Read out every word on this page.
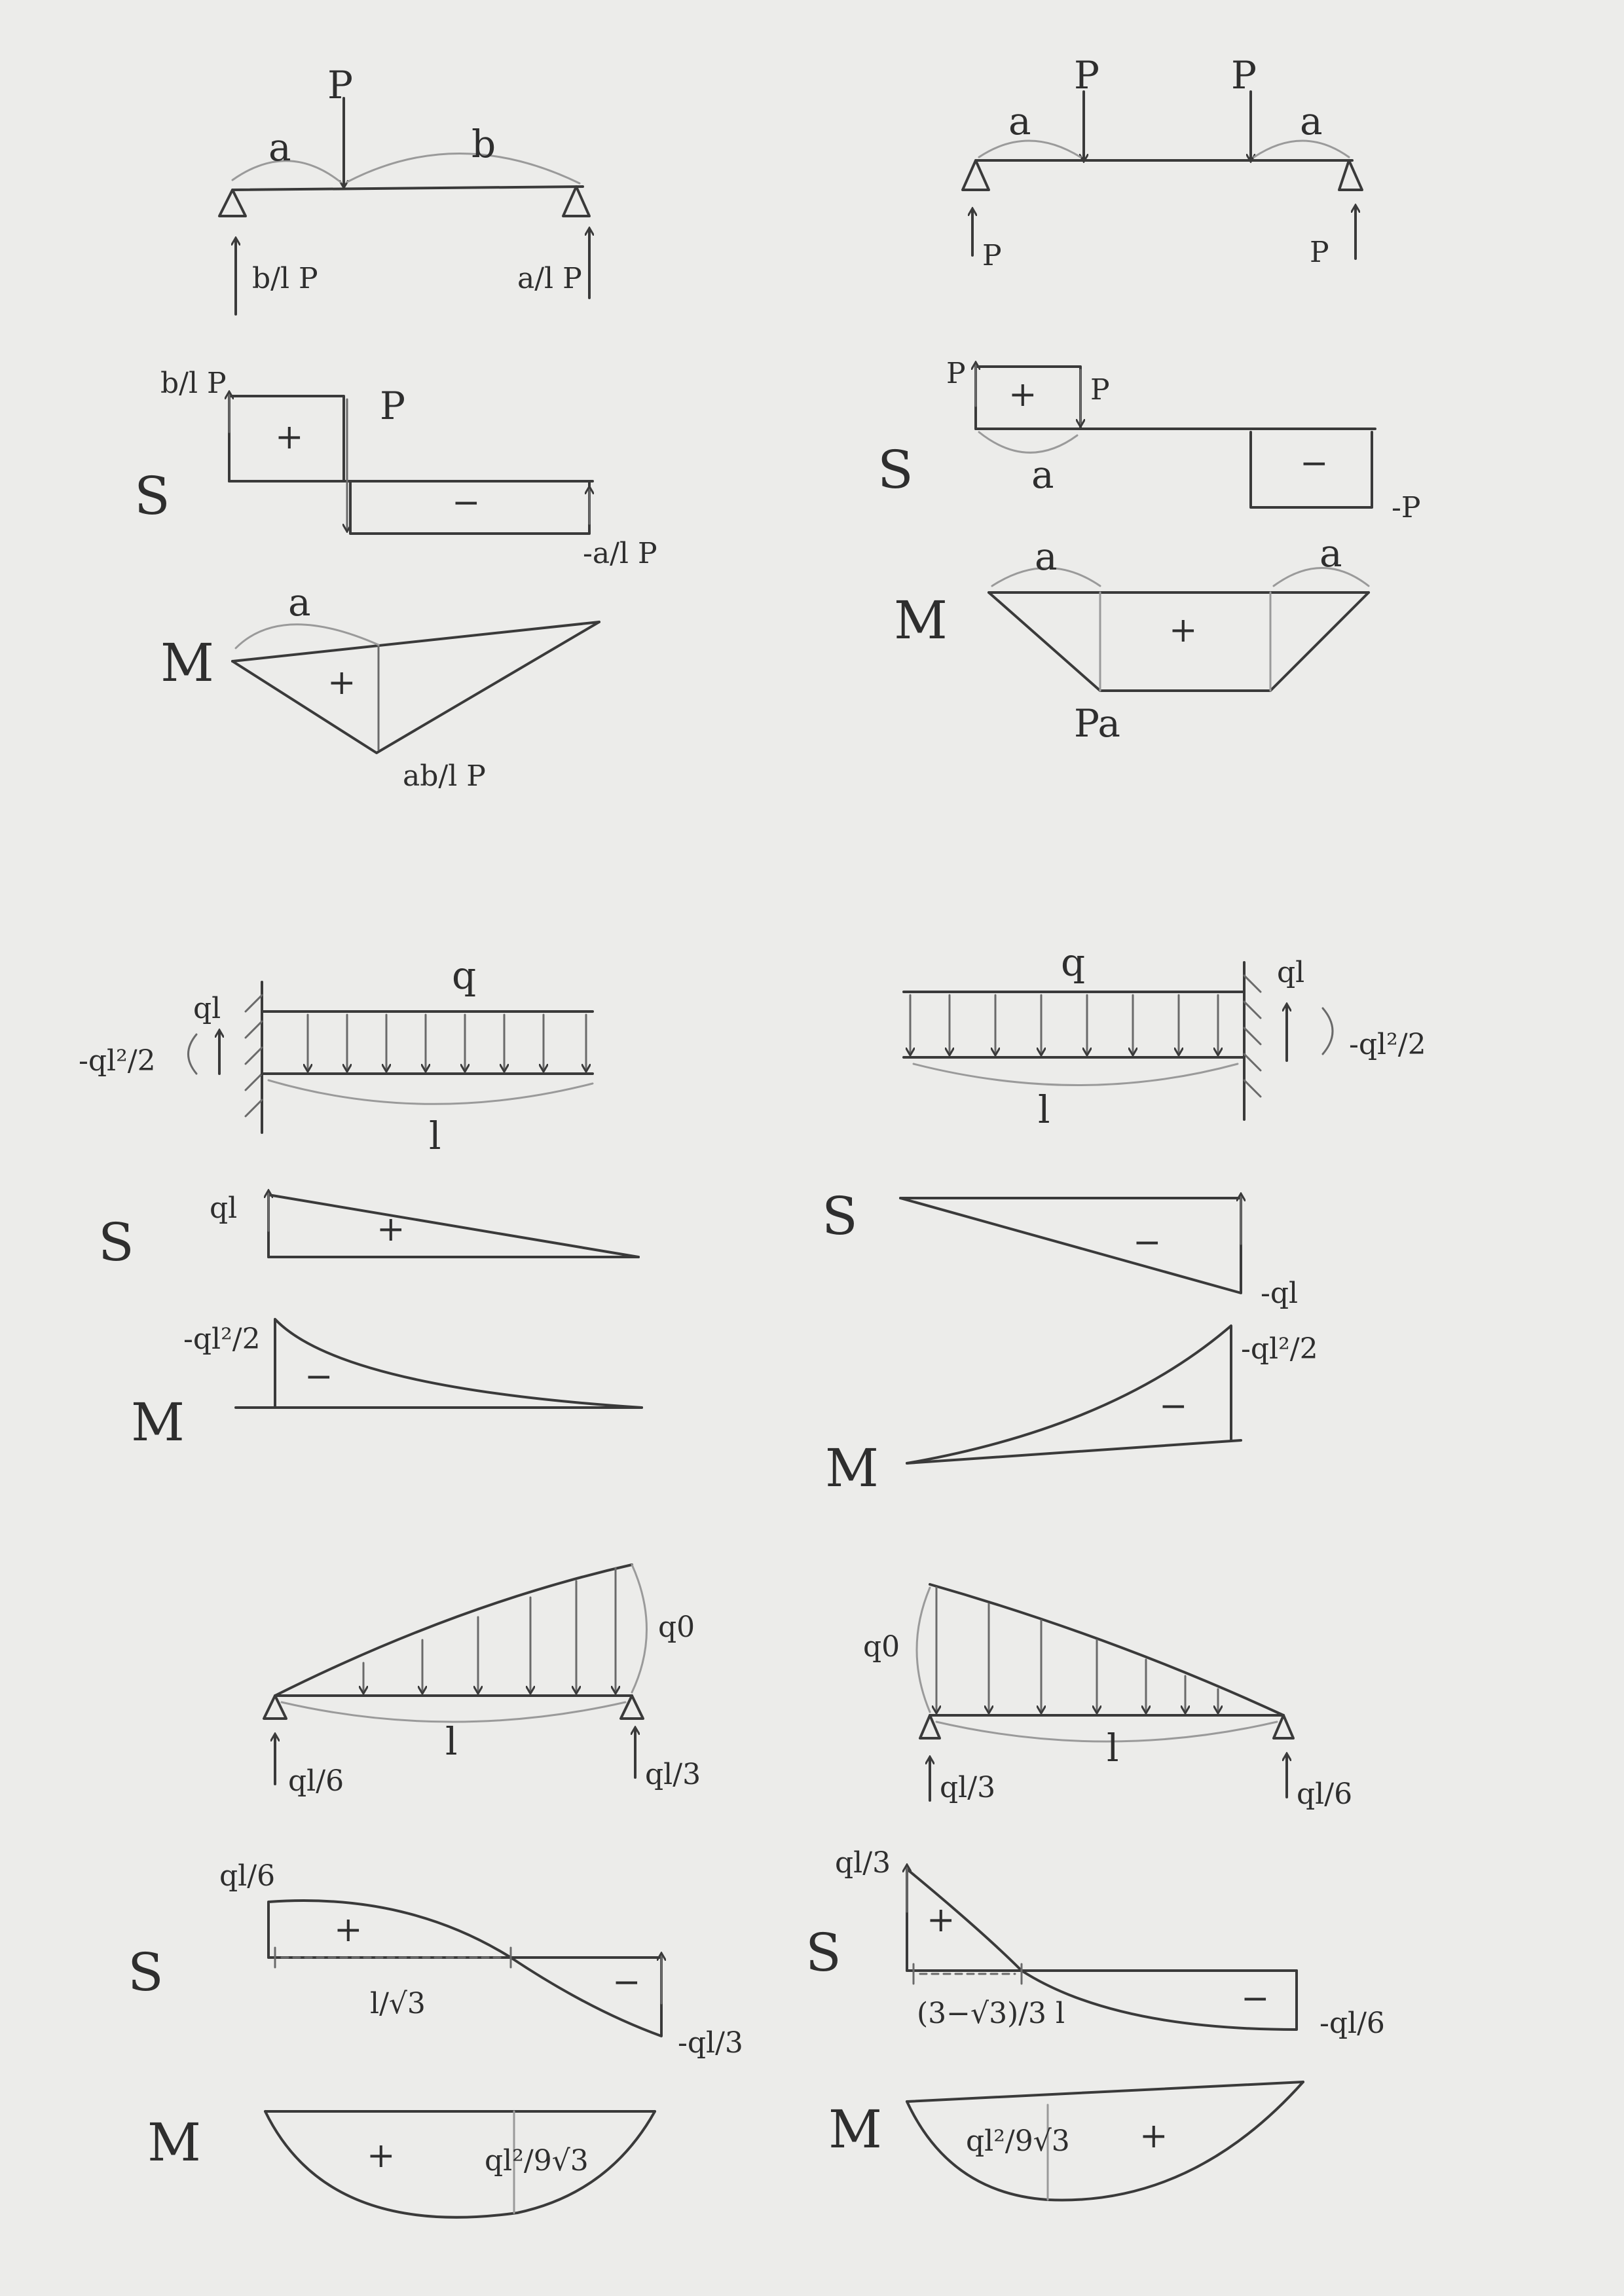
P
a	b
b/l P	a/l P
S
b/l P
P
-a/l P
+
−
M
a
+
ab/l P
P	P
a	a
P	P
S
P	P
a
-P
+
−
M
a	a
+
Pa
q
l
ql
-ql²/2
S
ql
+
M
-ql²/2
−
q
l
ql
-ql²/2
S
-ql
−
M
-ql²/2
−
q0
l
ql/6	ql/3
S
ql/6
l/√3
-ql/3
+
−
M	+	ql²/9√3
q0
l
ql/3	ql/6
S
ql/3
(3−√3)/3 l	-ql/6
+
−
M	ql²/9√3 +
